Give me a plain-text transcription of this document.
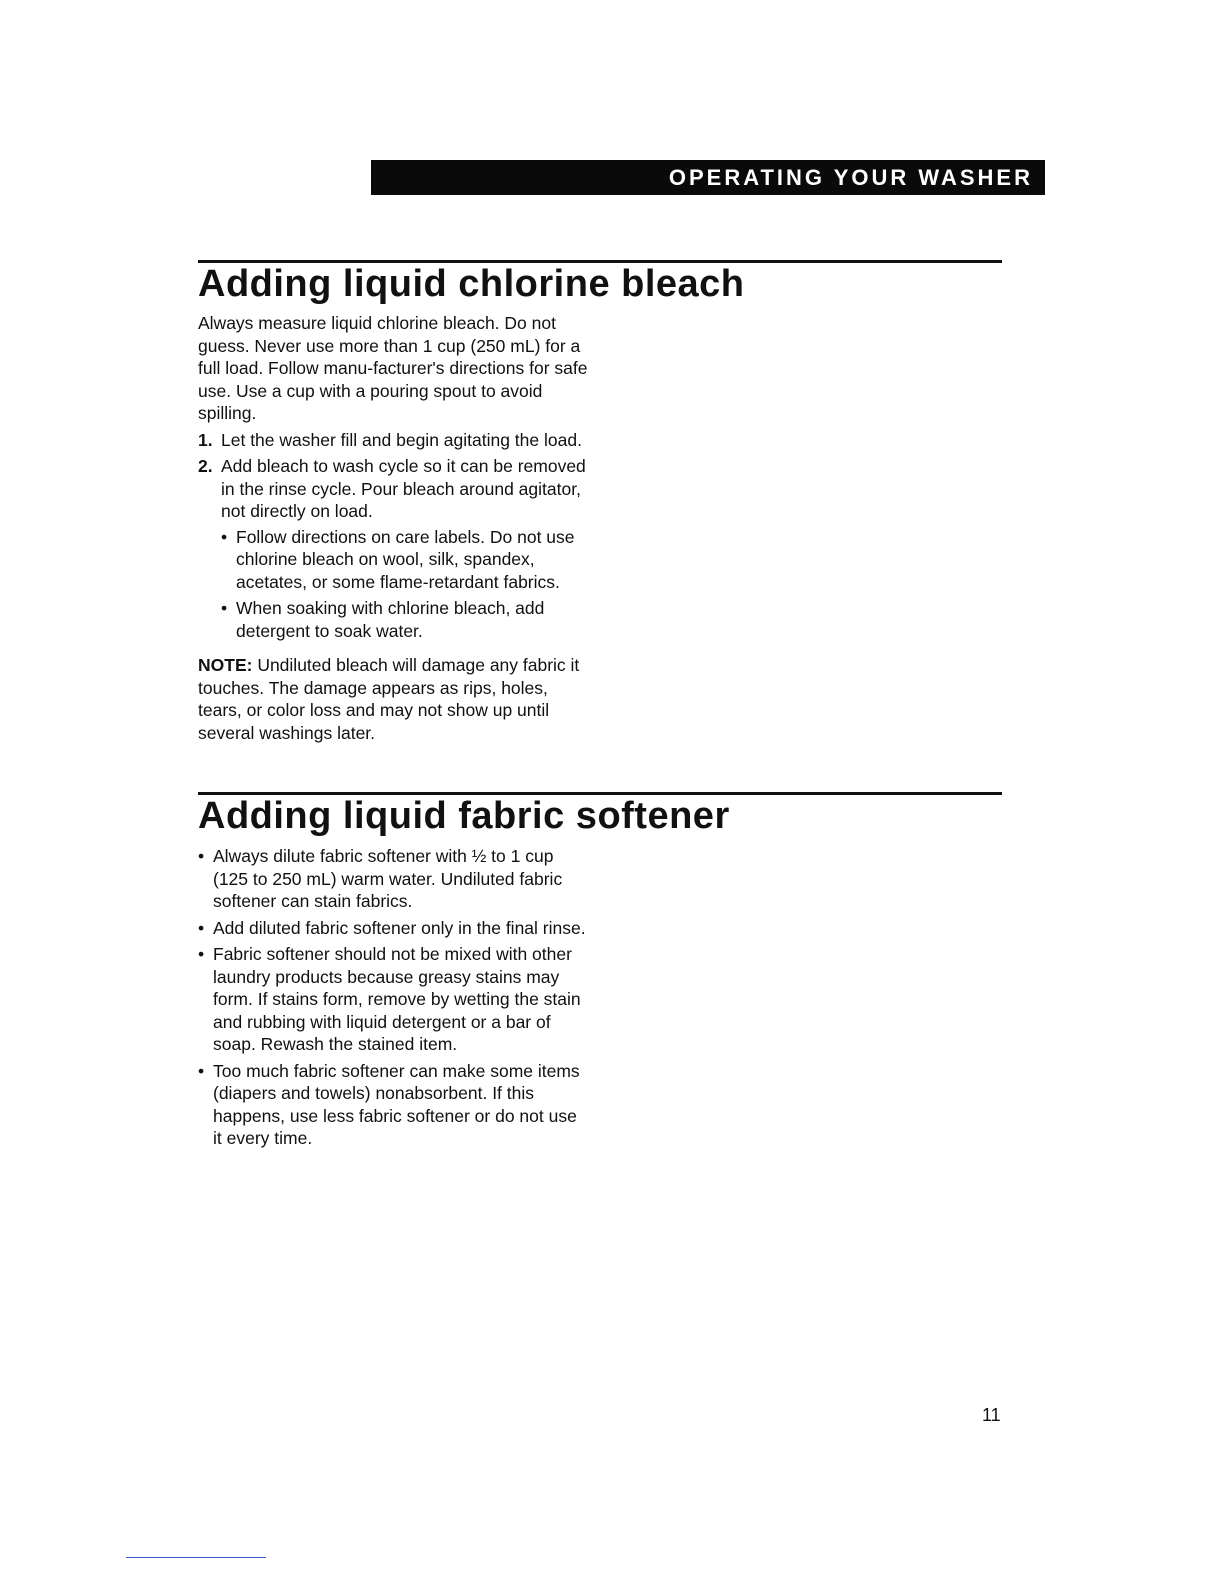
OPERATING YOUR WASHER
Adding liquid chlorine bleach

Always measure liquid chlorine bleach. Do not guess. Never use more than 1 cup (250 mL) for a full load. Follow manu-facturer's directions for safe use. Use a cup with a pouring spout to avoid spilling.

1. Let the washer fill and begin agitating the load.
2. Add bleach to wash cycle so it can be removed in the rinse cycle. Pour bleach around agitator, not directly on load.
• Follow directions on care labels. Do not use chlorine bleach on wool, silk, spandex, acetates, or some flame-retardant fabrics.
• When soaking with chlorine bleach, add detergent to soak water.

NOTE: Undiluted bleach will damage any fabric it touches. The damage appears as rips, holes, tears, or color loss and may not show up until several washings later.

Adding liquid fabric softener
• Always dilute fabric softener with ½ to 1 cup (125 to 250 mL) warm water. Undiluted fabric softener can stain fabrics.
• Add diluted fabric softener only in the final rinse.
• Fabric softener should not be mixed with other laundry products because greasy stains may form. If stains form, remove by wetting the stain and rubbing with liquid detergent or a bar of soap. Rewash the stained item.
• Too much fabric softener can make some items (diapers and towels) nonabsorbent. If this happens, use less fabric softener or do not use it every time.
11
